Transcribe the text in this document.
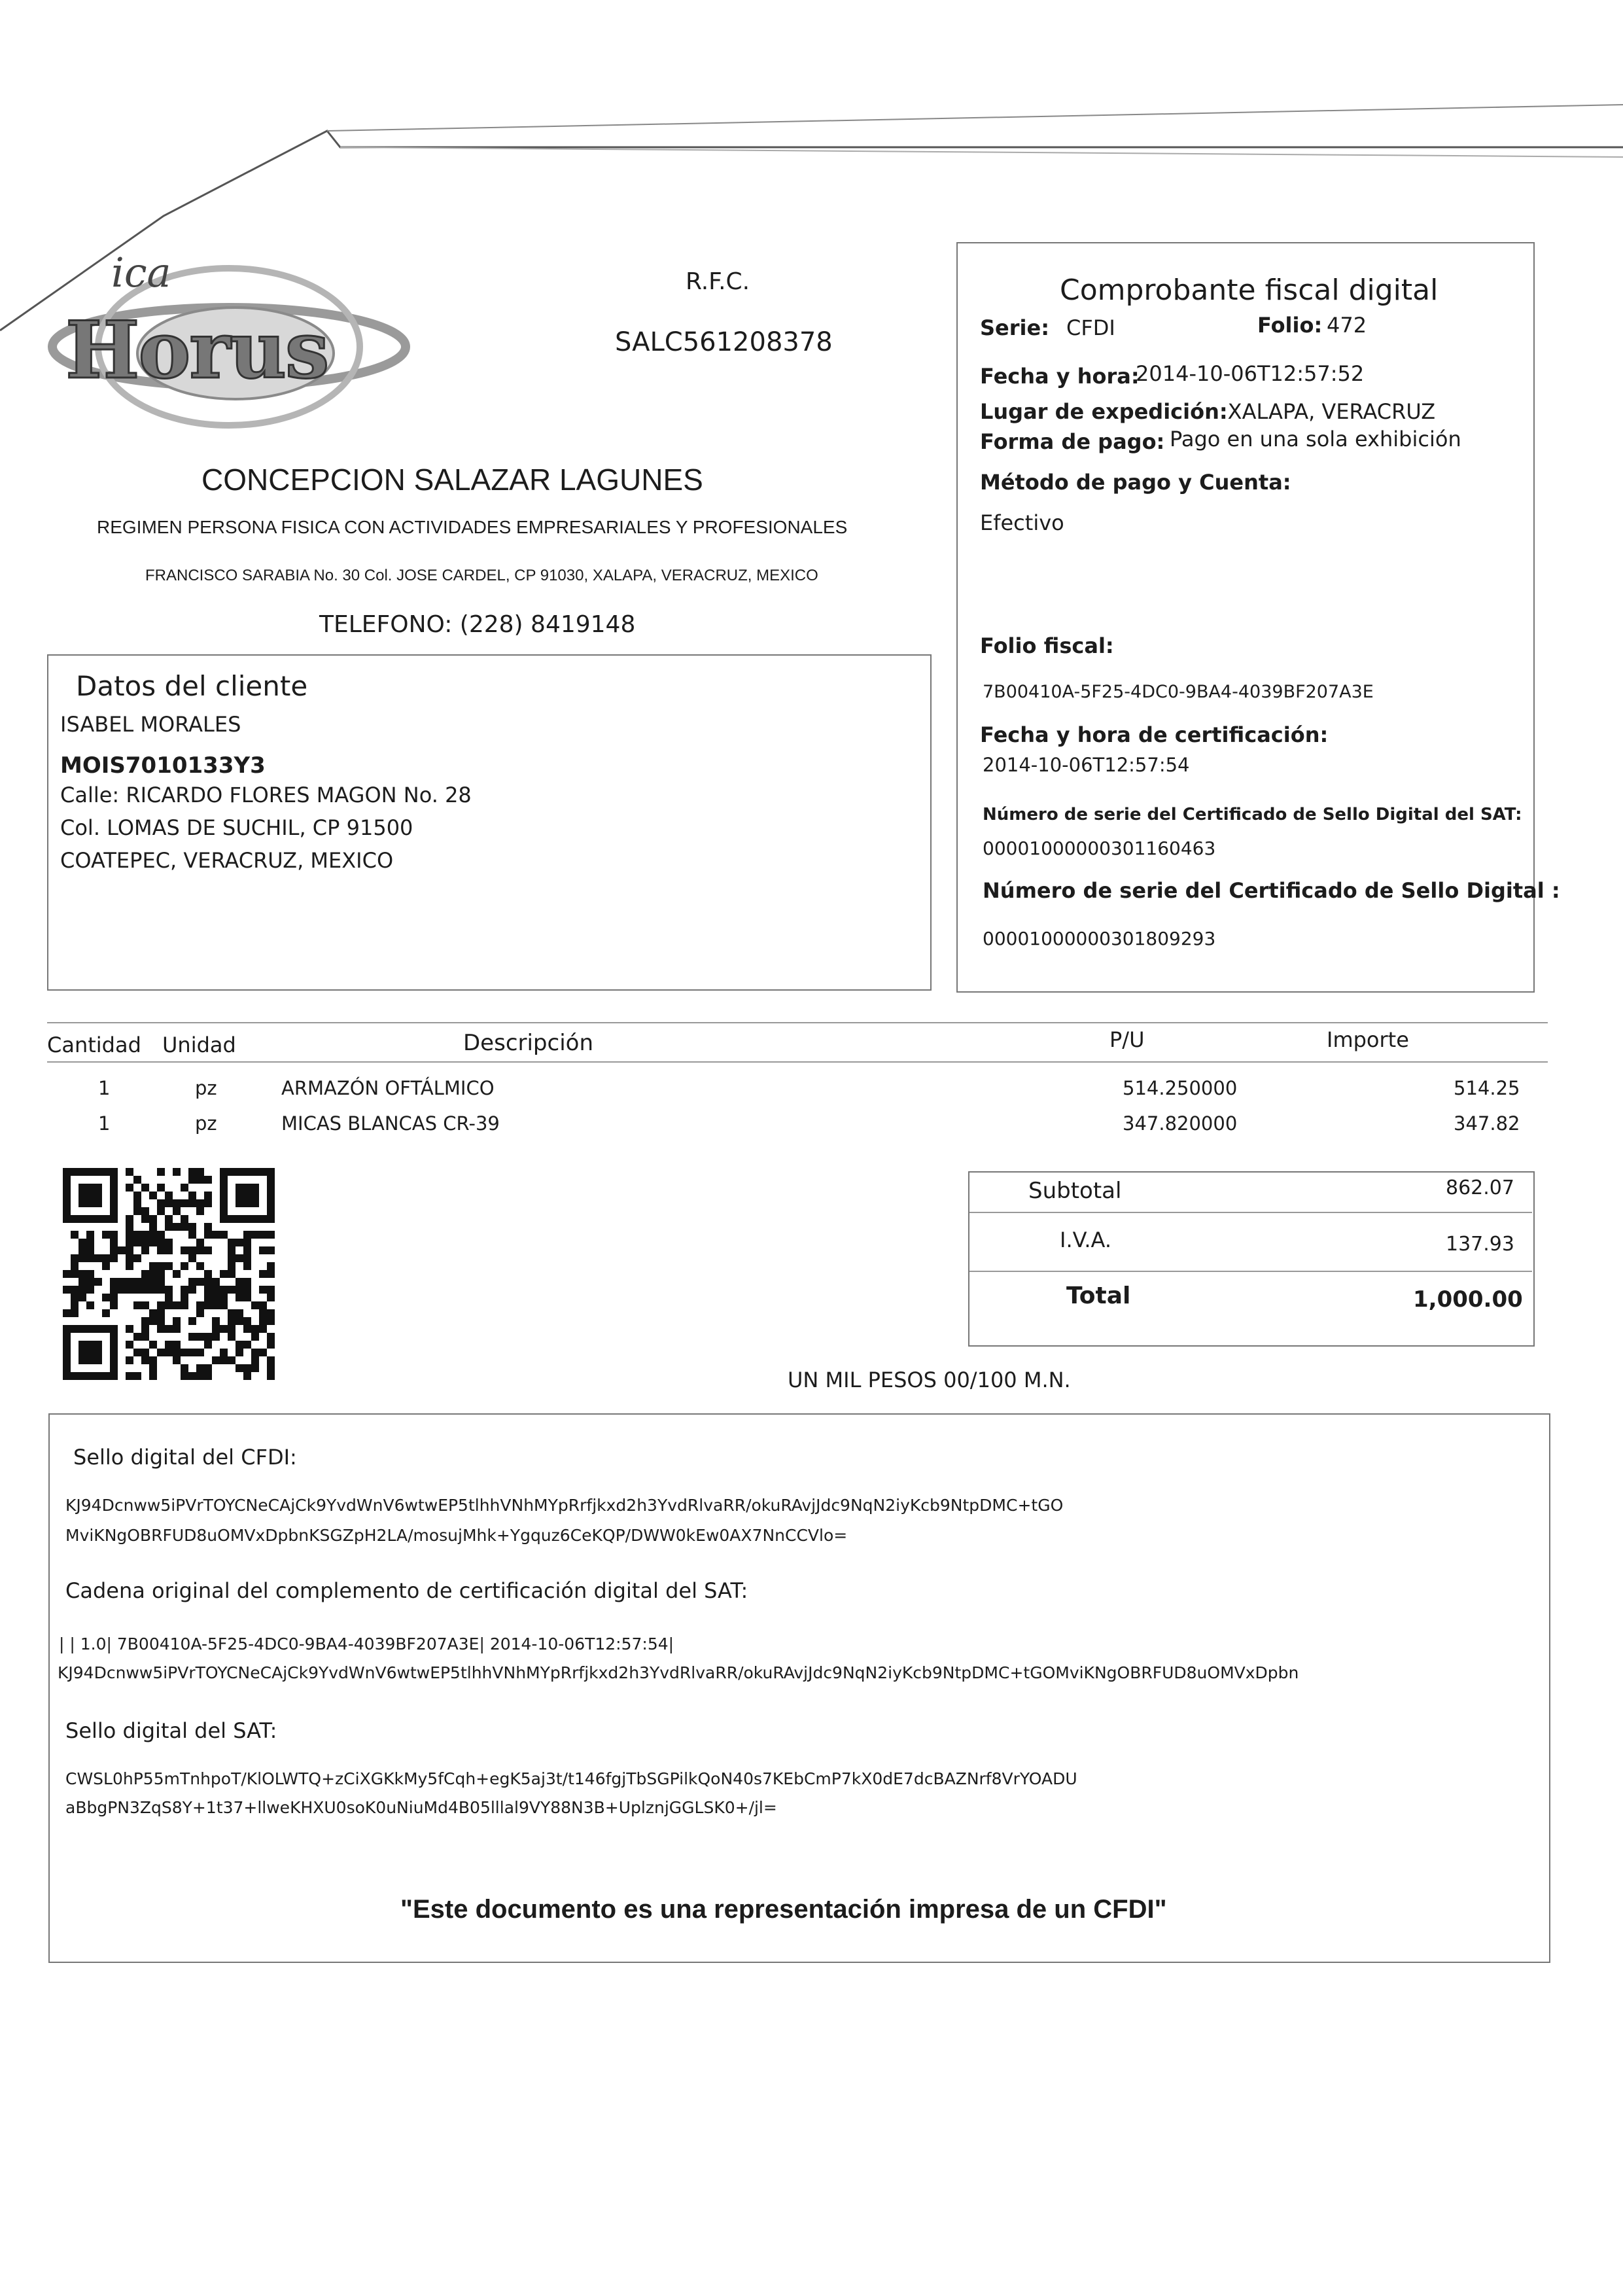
ica
Horus
R.F.C.
SALC561208378
CONCEPCION SALAZAR LAGUNES
REGIMEN PERSONA FISICA CON ACTIVIDADES EMPRESARIALES Y PROFESIONALES
FRANCISCO SARABIA No. 30 Col. JOSE CARDEL, CP 91030, XALAPA, VERACRUZ, MEXICO
TELEFONO: (228) 8419148
Comprobante fiscal digital
Serie: CFDI	Folio: 472
Fecha y hora:
2014-10-06T12:57:52
Lugar de expedición:XALAPA, VERACRUZ
Forma de pago: Pago en una sola exhibición
Método de pago y Cuenta:
Efectivo
Folio fiscal:
7B00410A-5F25-4DC0-9BA4-4039BF207A3E
Fecha y hora de certificación:
2014-10-06T12:57:54
Número de serie del Certificado de Sello Digital del SAT:
00001000000301160463
Número de serie del Certificado de Sello Digital :
00001000000301809293
Datos del cliente
ISABEL MORALES
MOIS7010133Y3
Calle: RICARDO FLORES MAGON No. 28
Col. LOMAS DE SUCHIL, CP 91500
COATEPEC, VERACRUZ, MEXICO
Cantidad Unidad	Descripción	P/U	Importe
1	pz	ARMAZÓN OFTÁLMICO	514.250000	514.25
1	pz	MICAS BLANCAS CR-39	347.820000	347.82
Subtotal	862.07
I.V.A.	137.93
Total	1,000.00
UN MIL PESOS 00/100 M.N.
Sello digital del CFDI:
KJ94Dcnww5iPVrTOYCNeCAjCk9YvdWnV6wtwEP5tlhhVNhMYpRrfjkxd2h3YvdRlvaRR/okuRAvjJdc9NqN2iyKcb9NtpDMC+tGO
MviKNgOBRFUD8uOMVxDpbnKSGZpH2LA/mosujMhk+Ygquz6CeKQP/DWW0kEw0AX7NnCCVlo=
Cadena original del complemento de certificación digital del SAT:
| | 1.0| 7B00410A-5F25-4DC0-9BA4-4039BF207A3E| 2014-10-06T12:57:54|
KJ94Dcnww5iPVrTOYCNeCAjCk9YvdWnV6wtwEP5tlhhVNhMYpRrfjkxd2h3YvdRlvaRR/okuRAvjJdc9NqN2iyKcb9NtpDMC+tGOMviKNgOBRFUD8uOMVxDpbn
Sello digital del SAT:
CWSL0hP55mTnhpoT/KlOLWTQ+zCiXGKkMy5fCqh+egK5aj3t/t146fgjTbSGPilkQoN40s7KEbCmP7kX0dE7dcBAZNrf8VrYOADU
aBbgPN3ZqS8Y+1t37+llweKHXU0soK0uNiuMd4B05lllal9VY88N3B+UplznjGGLSK0+/jl=
"Este documento es una representación impresa de un CFDI"
